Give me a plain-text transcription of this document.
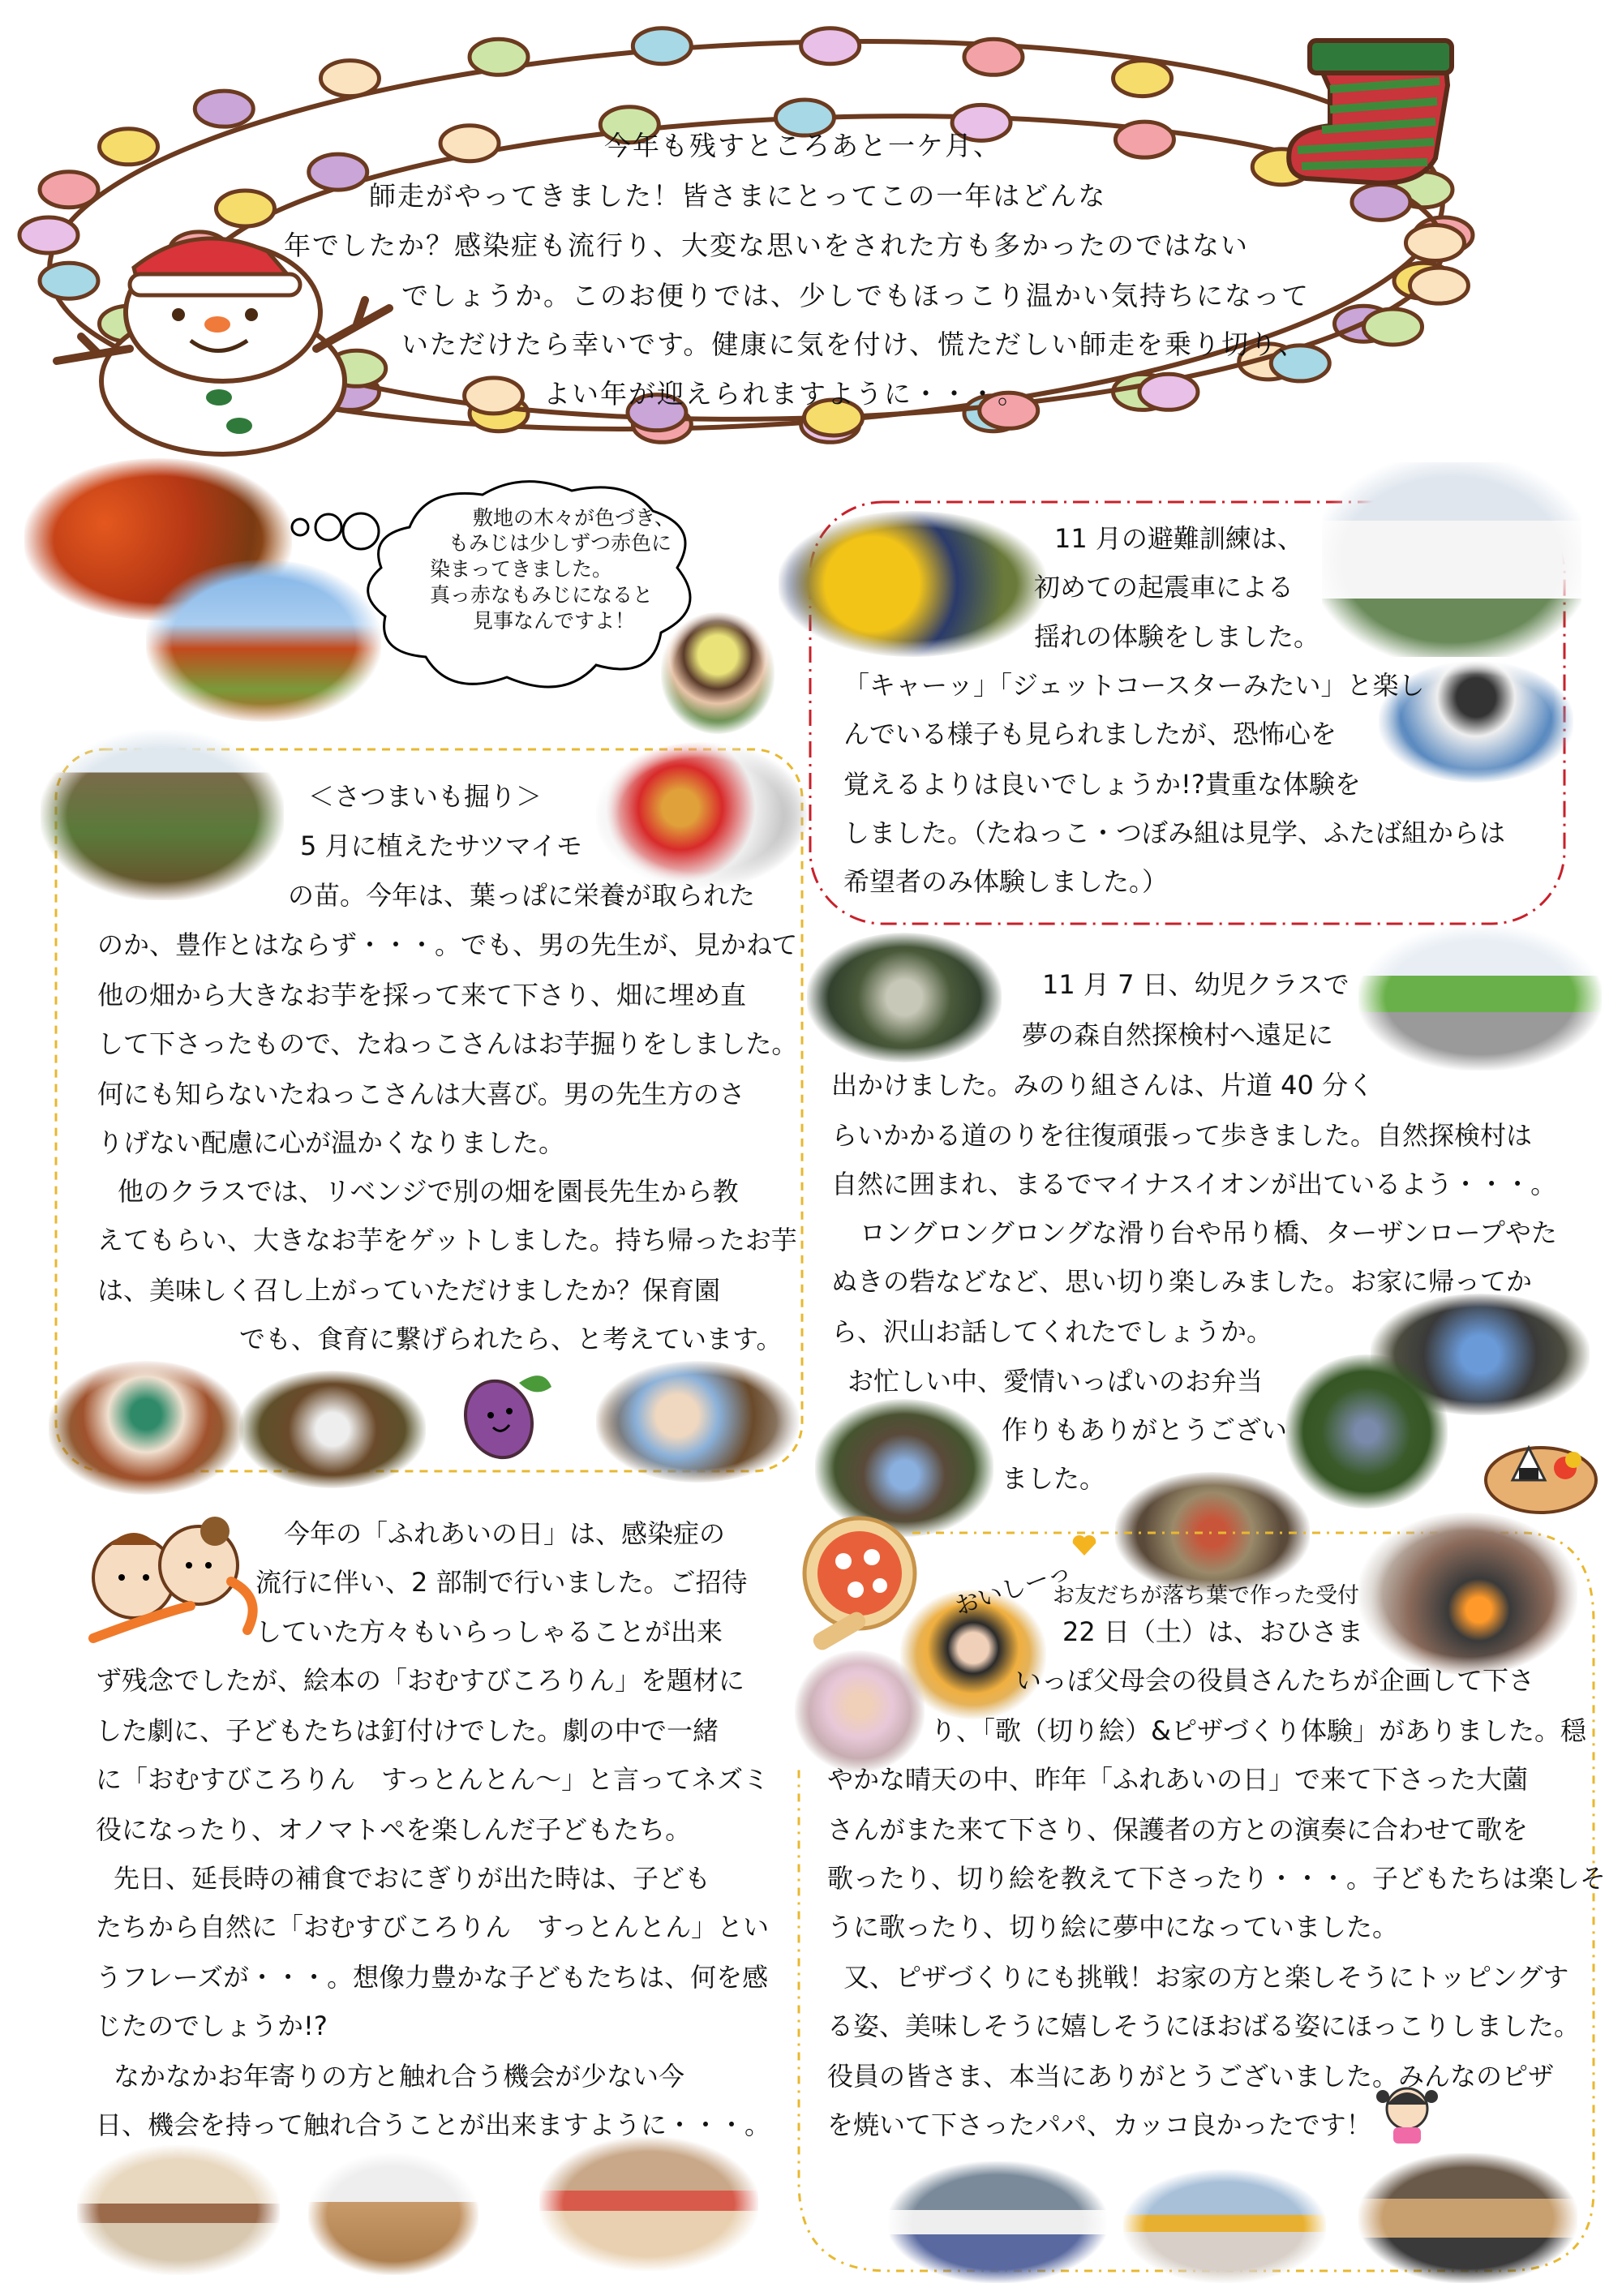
今年も残すところあと一ケ月、
師走がやってきました！皆さまにとってこの一年はどんな
年でしたか？感染症も流行り、大変な思いをされた方も多かったのではない
でしょうか。このお便りでは、少しでもほっこり温かい気持ちになって
いただけたら幸いです。健康に気を付け、慌ただしい師走を乗り切り、
よい年が迎えられますように・・・。
敷地の木々が色づき、
もみじは少しずつ赤色に
染まってきました。
真っ赤なもみじになると
見事なんですよ！
11 月の避難訓練は、
初めての起震車による
揺れの体験をしました。
「キャーッ」「ジェットコースターみたい」と楽し
んでいる様子も見られましたが、恐怖心を
覚えるよりは良いでしょうか!?貴重な体験を
しました。（たねっこ・つぼみ組は見学、ふたば組からは
希望者のみ体験しました。）
5 月に植えたサツマイモ
の苗。今年は、葉っぱに栄養が取られた
のか、豊作とはならず・・・。でも、男の先生が、見かねて
他の畑から大きなお芋を採って来て下さり、畑に埋め直
して下さったもので、たねっこさんはお芋掘りをしました。
何にも知らないたねっこさんは大喜び。男の先生方のさ
りげない配慮に心が温かくなりました。
他のクラスでは、リベンジで別の畑を園長先生から教
えてもらい、大きなお芋をゲットしました。持ち帰ったお芋
は、美味しく召し上がっていただけましたか？保育園
でも、食育に繋げられたら、と考えています。
＜さつまいも掘り＞
11 月 7 日、幼児クラスで
夢の森自然探検村へ遠足に
出かけました。みのり組さんは、片道 40 分く
らいかかる道のりを往復頑張って歩きました。自然探検村は
自然に囲まれ、まるでマイナスイオンが出ているよう・・・。
ロングロングロングな滑り台や吊り橋、ターザンロープやた
ぬきの砦などなど、思い切り楽しみました。お家に帰ってか
ら、沢山お話してくれたでしょうか。
お忙しい中、愛情いっぱいのお弁当
作りもありがとうござい
ました。
今年の「ふれあいの日」は、感染症の
流行に伴い、2 部制で行いました。ご招待
していた方々もいらっしゃることが出来
ず残念でしたが、絵本の「おむすびころりん」を題材に
した劇に、子どもたちは釘付けでした。劇の中で一緒
に「おむすびころりん　すっとんとん～」と言ってネズミ
役になったり、オノマトペを楽しんだ子どもたち。
先日、延長時の補食でおにぎりが出た時は、子ども
たちから自然に「おむすびころりん　すっとんとん」とい
うフレーズが・・・。想像力豊かな子どもたちは、何を感
じたのでしょうか!?
なかなかお年寄りの方と触れ合う機会が少ない今
日、機会を持って触れ合うことが出来ますように・・・。
おいしーっ
お友だちが落ち葉で作った受付
22 日（土）は、おひさま
いっぽ父母会の役員さんたちが企画して下さ
り、「歌（切り絵）&ピザづくり体験」がありました。穏
やかな晴天の中、昨年「ふれあいの日」で来て下さった大薗
さんがまた来て下さり、保護者の方との演奏に合わせて歌を
歌ったり、切り絵を教えて下さったり・・・。子どもたちは楽しそ
うに歌ったり、切り絵に夢中になっていました。
又、ピザづくりにも挑戦！お家の方と楽しそうにトッピングす
る姿、美味しそうに嬉しそうにほおばる姿にほっこりしました。
役員の皆さま、本当にありがとうございました。みんなのピザ
を焼いて下さったパパ、カッコ良かったです！
